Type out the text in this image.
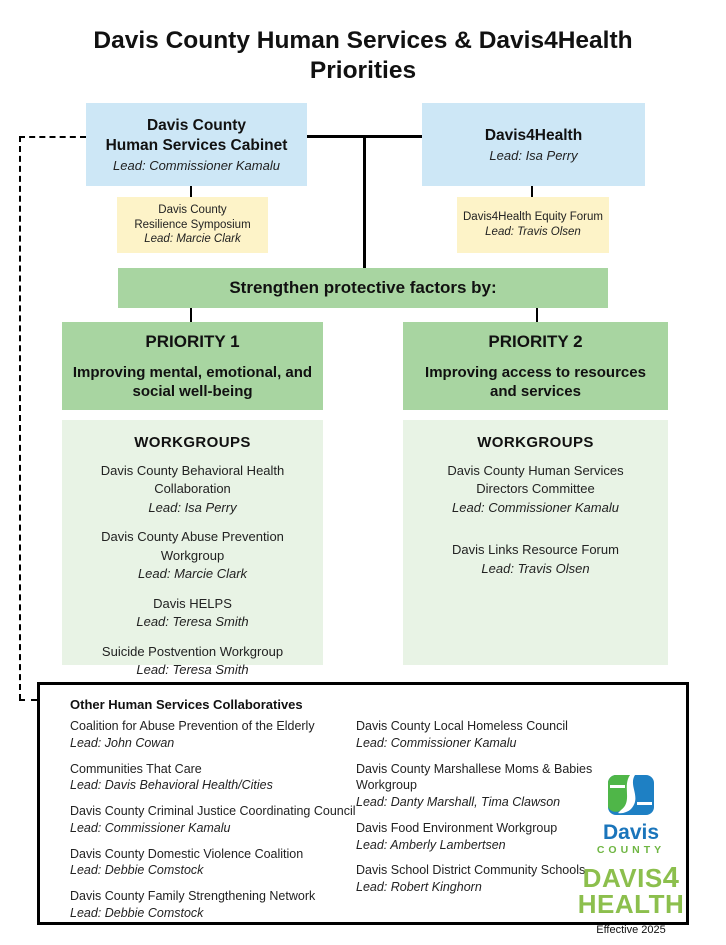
Davis County Human Services & Davis4Health Priorities
Davis County
Human Services Cabinet
Lead: Commissioner Kamalu
Davis4Health
Lead: Isa Perry
Davis County
Resilience Symposium
Lead: Marcie Clark
Davis4Health Equity Forum
Lead: Travis Olsen
Strengthen protective factors by:
PRIORITY 1
Improving mental, emotional, and social well-being
PRIORITY 2
Improving access to resources and services
WORKGROUPS
Davis County Behavioral Health Collaboration
Lead: Isa Perry
Davis County Abuse Prevention Workgroup
Lead: Marcie Clark
Davis HELPS
Lead: Teresa Smith
Suicide Postvention Workgroup
Lead: Teresa Smith
WORKGROUPS
Davis County Human Services Directors Committee
Lead: Commissioner Kamalu
Davis Links Resource Forum
Lead: Travis Olsen
Other Human Services Collaboratives
Coalition for Abuse Prevention of the Elderly
Lead: John Cowan
Communities That Care
Lead: Davis Behavioral Health/Cities
Davis County Criminal Justice Coordinating Council
Lead: Commissioner Kamalu
Davis County Domestic Violence Coalition
Lead: Debbie Comstock
Davis County Family Strengthening Network
Lead: Debbie Comstock
Davis County Local Homeless Council
Lead: Commissioner Kamalu
Davis County Marshallese Moms & Babies Workgroup
Lead: Danty Marshall, Tima Clawson
Davis Food Environment Workgroup
Lead: Amberly Lambertsen
Davis School District Community Schools
Lead: Robert Kinghorn
Davis
COUNTY
DAVIS4
HEALTH
Effective 2025
